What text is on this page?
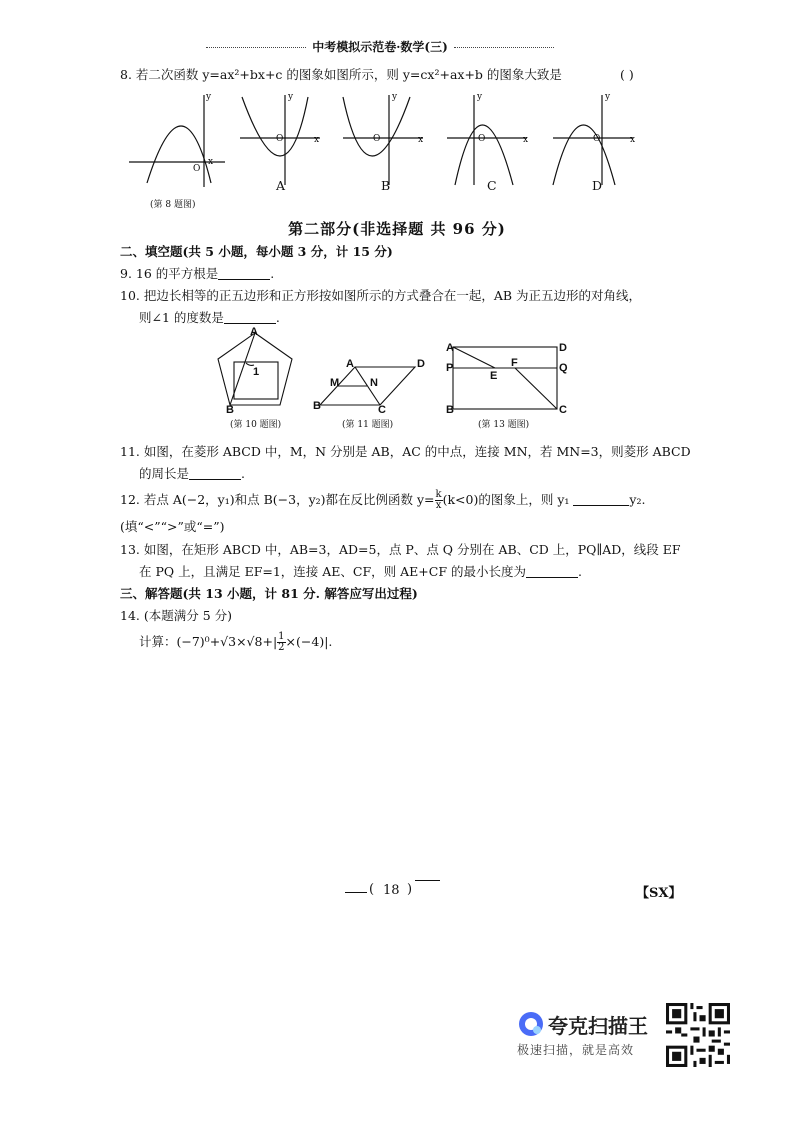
中考模拟示范卷·数学(三)
8. 若二次函数 y=ax²+bx+c 的图象如图所示，则 y=cx²+ax+b 的图象大致是	( )
y
x
O
y
x
O
y
x
O
y
x
O
y
x
O
A	B	C	D
(第 8 题图)
第二部分(非选择题 共 96 分)
二、填空题(共 5 小题，每小题 3 分，计 15 分)
9. 16 的平方根是	.
10. 把边长相等的正五边形和正方形按如图所示的方式叠合在一起，AB 为正五边形的对角线，
则∠1 的度数是	.
A
B
1
(第 10 题图)
A	D
M	N
B	C
(第 11 题图)
A	D
P	Q
E
F
B	C
(第 13 题图)
11. 如图，在菱形 ABCD 中，M，N 分别是 AB，AC 的中点，连接 MN，若 MN=3，则菱形 ABCD
的周长是	.
12. 若点 A(−2，y₁)和点 B(−3，y₂)都在反比例函数 $y= \frac{k}{x} (k<0)$的图象上，则 y₁	y₂.
(填“<”“>”或“=”)
13. 如图，在矩形 ABCD 中，AB=3，AD=5，点 P、点 Q 分别在 AB、CD 上，PQ∥AD，线段 EF
在 PQ 上，且满足 EF=1，连接 AE、CF，则 AE+CF 的最小长度为	.
三、解答题(共 13 小题，计 81 分. 解答应写出过程)
14. (本题满分 5 分)
计算：$(-7)^0+√3\times√8+| \frac{1}{2} \times(-4)|$.
( 18 )	【SX】
夸克扫描王
极速扫描，就是高效
